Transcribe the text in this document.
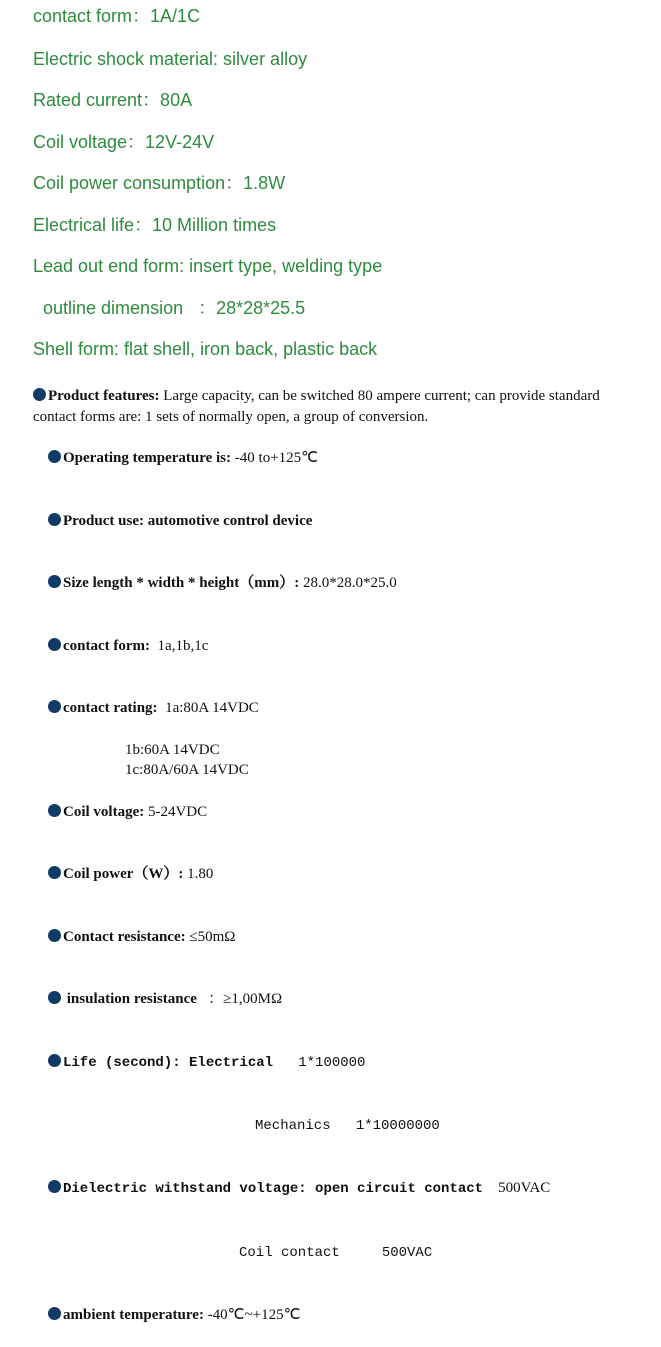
contact form：1A/1C
Electric shock material: silver alloy
Rated current：80A
Coil voltage：12V-24V
Coil power consumption：1.8W
Electrical life：10 Million times
Lead out end form: insert type, welding type
outline dimension   ：28*28*25.5
Shell form: flat shell, iron back, plastic back
Product features: Large capacity, can be switched 80 ampere current; can provide standard contact forms are: 1 sets of normally open, a group of conversion.

Operating temperature is: -40 to+125℃

Product use: automotive control device

Size length * width * height（mm）: 28.0*28.0*25.0

contact form:  1a,1b,1c

contact rating:  1a:80A 14VDC

1b:60A 14VDC
1c:80A/60A 14VDC

Coil voltage: 5-24VDC

Coil power（W）: 1.80

Contact resistance: ≤50mΩ

insulation resistance   ：≥1,00MΩ

Life (second): Electrical   1*100000

Mechanics   1*10000000

Dielectric withstand voltage: open circuit contact    500VAC

Coil contact     500VAC

ambient temperature: -40℃~+125℃
